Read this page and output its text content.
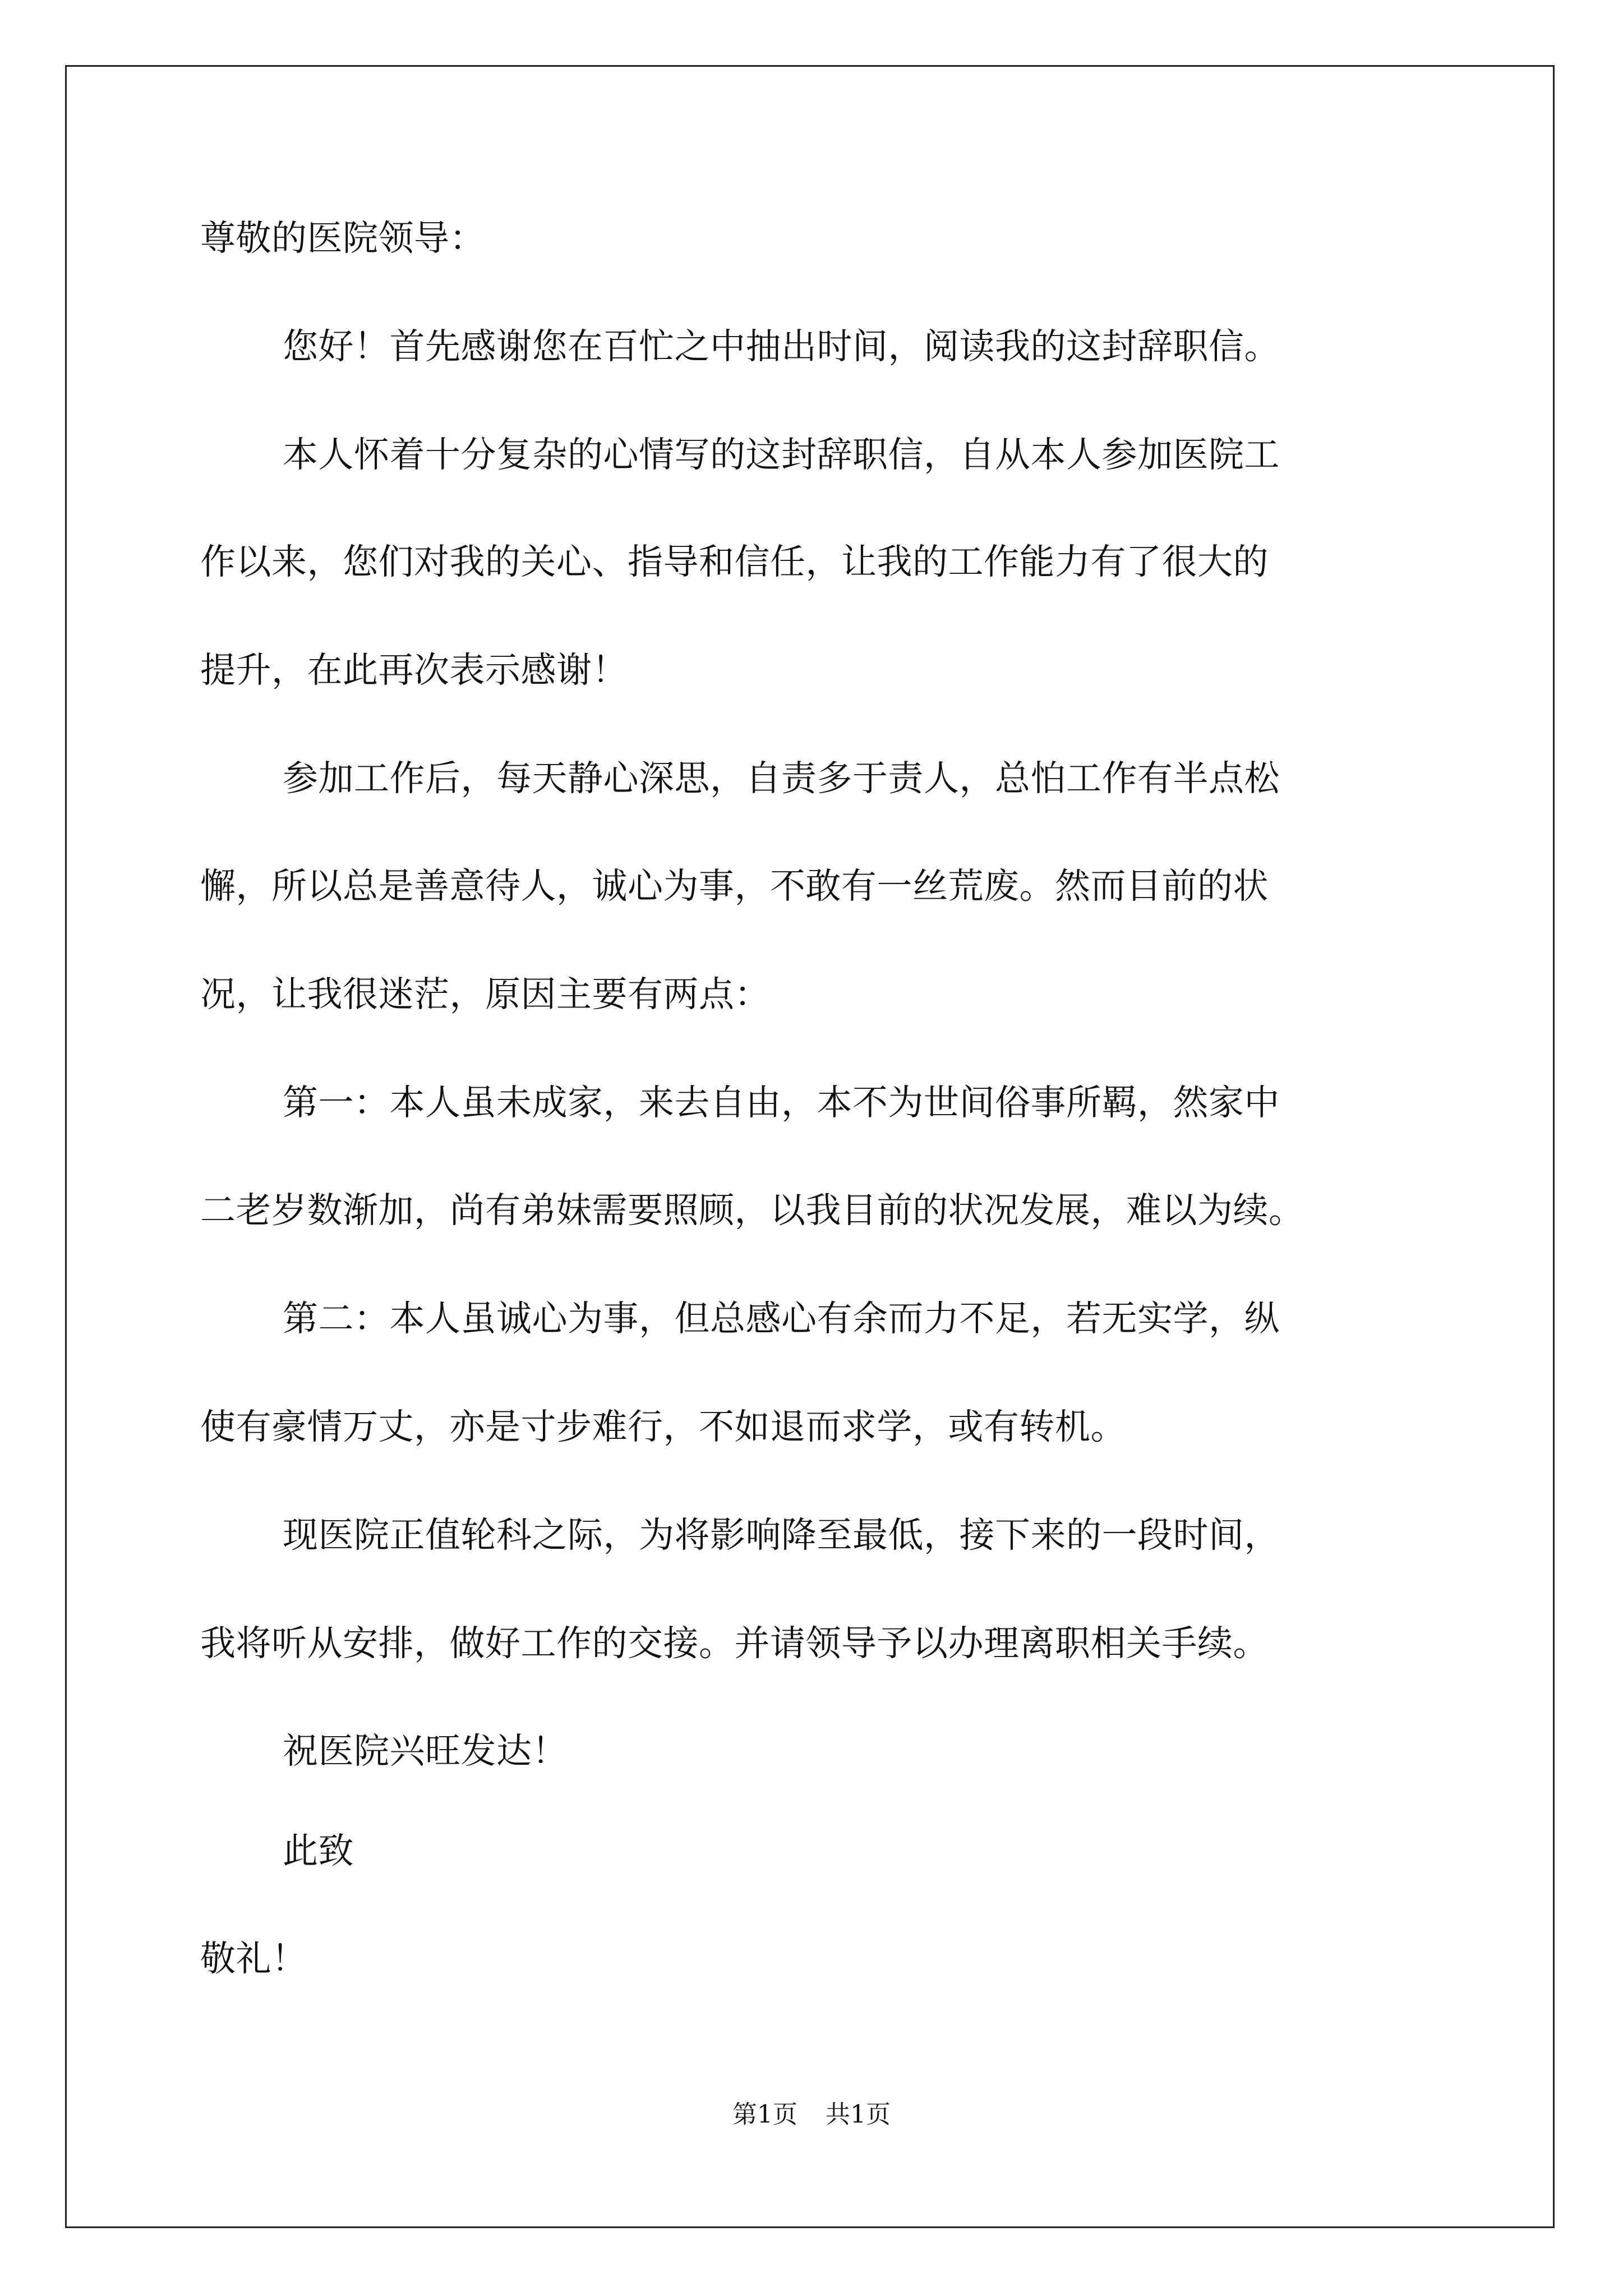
尊敬的医院领导：
您好！首先感谢您在百忙之中抽出时间，阅读我的这封辞职信。
本人怀着十分复杂的心情写的这封辞职信，自从本人参加医院工
作以来，您们对我的关心、指导和信任，让我的工作能力有了很大的
提升，在此再次表示感谢！
参加工作后，每天静心深思，自责多于责人，总怕工作有半点松
懈，所以总是善意待人，诚心为事，不敢有一丝荒废。然而目前的状
况，让我很迷茫，原因主要有两点：
第一：本人虽未成家，来去自由，本不为世间俗事所羁，然家中
二老岁数渐加，尚有弟妹需要照顾，以我目前的状况发展，难以为续。
第二：本人虽诚心为事，但总感心有余而力不足，若无实学，纵
使有豪情万丈，亦是寸步难行，不如退而求学，或有转机。
现医院正值轮科之际，为将影响降至最低，接下来的一段时间，
我将听从安排，做好工作的交接。并请领导予以办理离职相关手续。
祝医院兴旺发达！
此致
敬礼！
第1页 共1页
